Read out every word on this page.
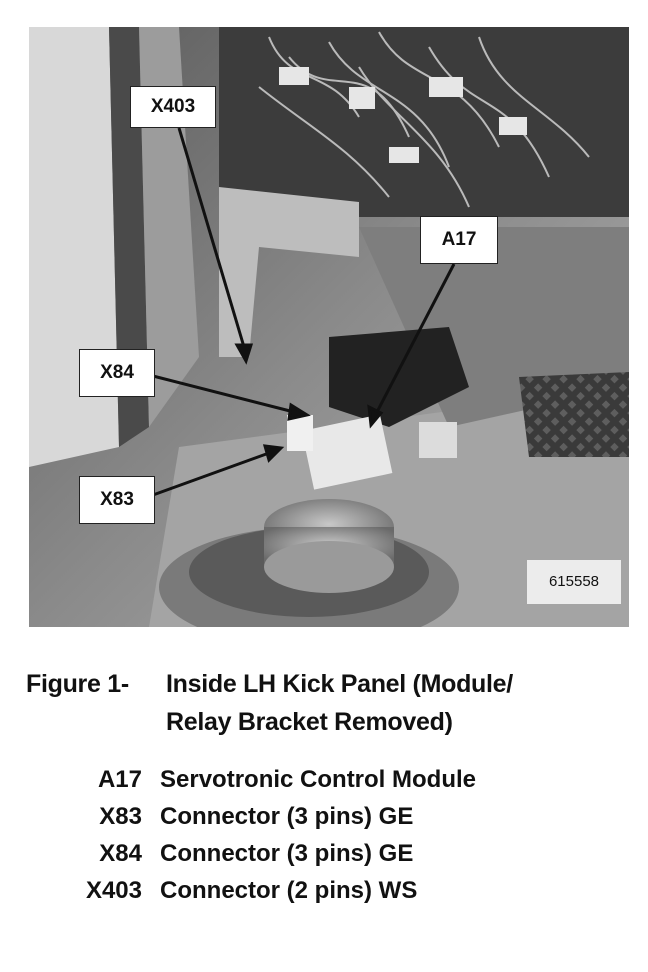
X403
A17
X84
X83
615558
Figure 1- Inside LH Kick Panel (Module/
Relay Bracket Removed)
A17 Servotronic Control Module
X83 Connector (3 pins) GE
X84 Connector (3 pins) GE
X403 Connector (2 pins) WS
